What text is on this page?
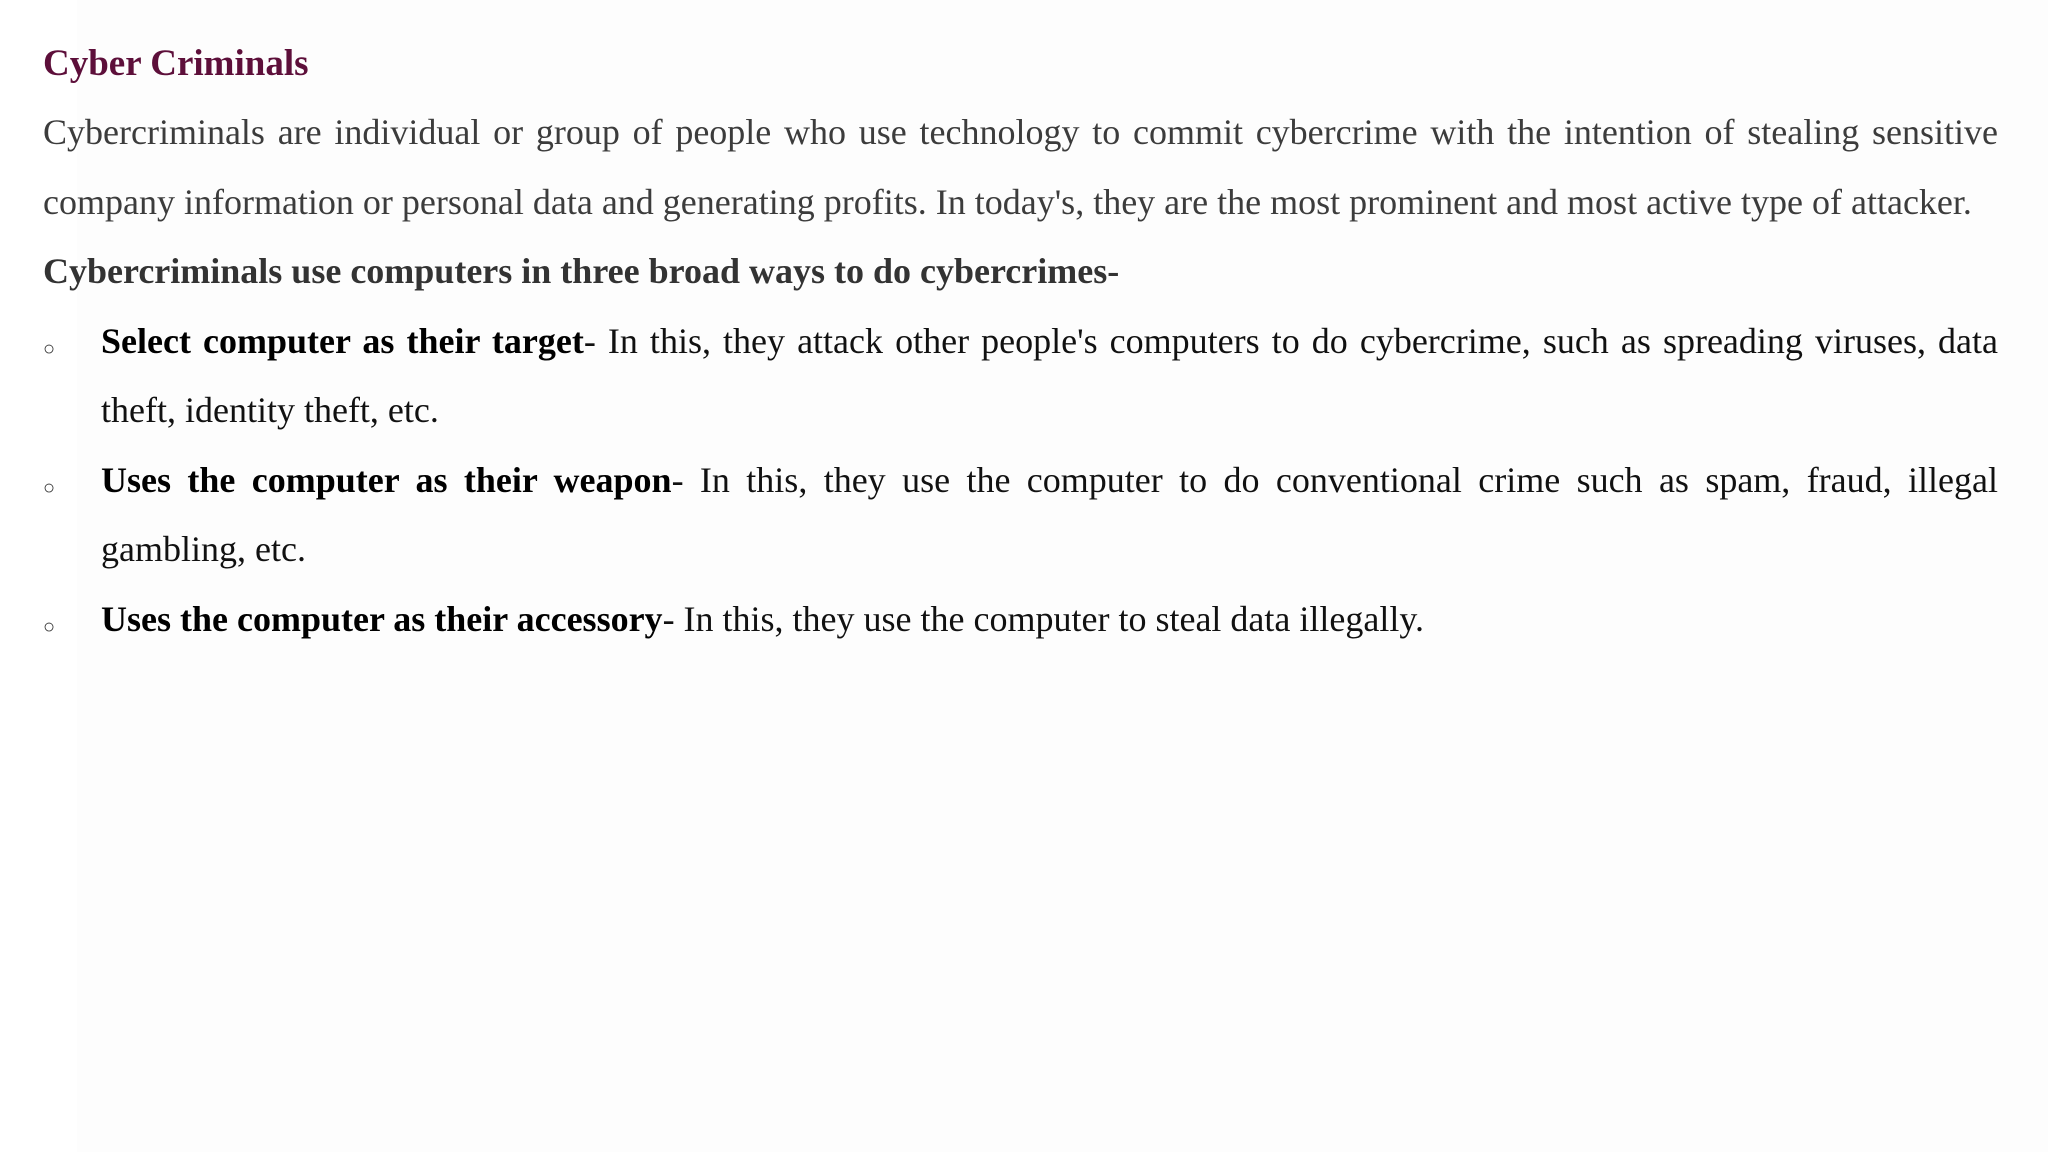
Cyber Criminals

Cybercriminals are individual or group of people who use technology to commit cybercrime with the intention of stealing sensitive company information or personal data and generating profits. In today's, they are the most prominent and most active type of attacker.

Cybercriminals use computers in three broad ways to do cybercrimes-
○ Select computer as their target- In this, they attack other people's computers to do cybercrime, such as spreading viruses, data theft, identity theft, etc.
○ Uses the computer as their weapon- In this, they use the computer to do conventional crime such as spam, fraud, illegal gambling, etc.
○ Uses the computer as their accessory- In this, they use the computer to steal data illegally.
